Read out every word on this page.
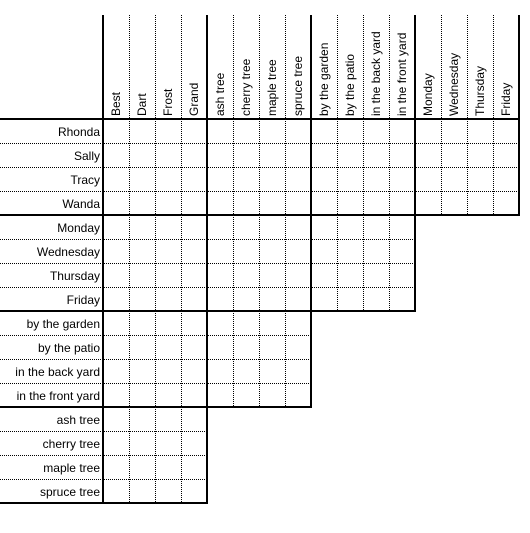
Best Dart Frost Grand ash tree cherry tree maple tree spruce tree by the garden by the patio in the back yard in the front yard Monday Wednesday Thursday Friday
Rhonda
Sally
Tracy
Wanda
Monday
Wednesday
Thursday
Friday
by the garden
by the patio
in the back yard
in the front yard
ash tree
cherry tree
maple tree
spruce tree
